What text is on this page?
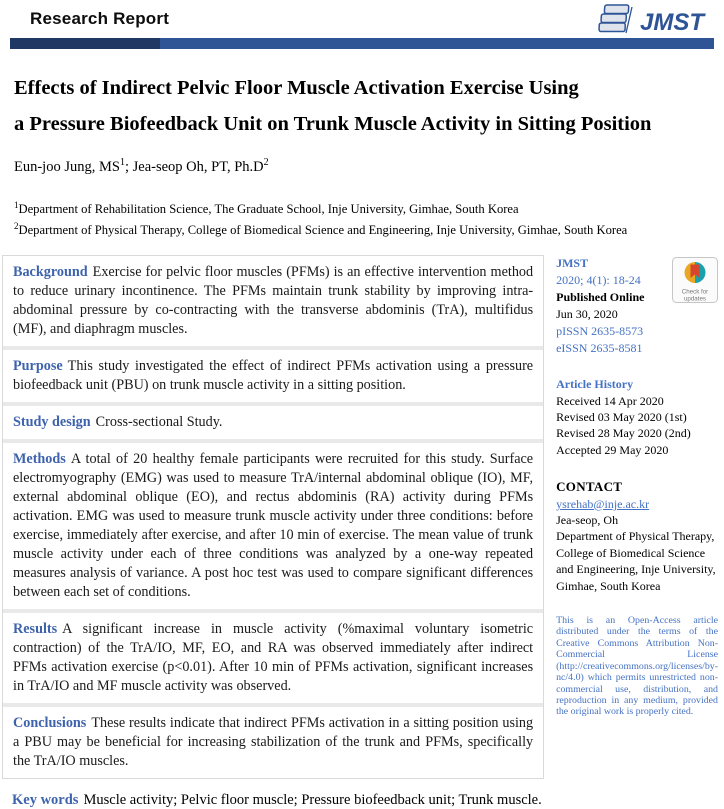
Research Report	JMST
Effects of Indirect Pelvic Floor Muscle Activation Exercise Using
a Pressure Biofeedback Unit on Trunk Muscle Activity in Sitting Position
Eun-joo Jung, $MS^1$; Jea-seop Oh, PT, $Ph.D^2$
$^1$Department of Rehabilitation Science, The Graduate School, Inje University, Gimhae, South Korea
$^2$Department of Physical Therapy, College of Biomedical Science and Engineering, Inje University, Gimhae, South Korea

Background Exercise for pelvic floor muscles (PFMs) is an effective intervention method to reduce urinary incontinence. The PFMs maintain trunk stability by improving intra-abdominal pressure by co-contracting with the transverse abdominis (TrA), multifidus (MF), and diaphragm muscles.

Purpose This study investigated the effect of indirect PFMs activation using a pressure biofeedback unit (PBU) on trunk muscle activity in a sitting position.

Study design Cross-sectional Study.

Methods A total of 20 healthy female participants were recruited for this study. Surface electromyography (EMG) was used to measure TrA/internal abdominal oblique (IO), MF, external abdominal oblique (EO), and rectus abdominis (RA) activity during PFMs activation. EMG was used to measure trunk muscle activity under three conditions: before exercise, immediately after exercise, and after 10 min of exercise. The mean value of trunk muscle activity under each of three conditions was analyzed by a one-way repeated measures analysis of variance. A post hoc test was used to compare significant differences between each set of conditions.

Results A significant increase in muscle activity (%maximal voluntary isometric contraction) of the TrA/IO, MF, EO, and RA was observed immediately after indirect PFMs activation exercise (p<0.01). After 10 min of PFMs activation, significant increases in TrA/IO and MF muscle activity was observed.

Conclusions These results indicate that indirect PFMs activation in a sitting position using a PBU may be beneficial for increasing stabilization of the trunk and PFMs, specifically the TrA/IO muscles.

JMST
2020; 4(1): 18-24
Published Online
Jun 30, 2020
pISSN 2635-8573
eISSN 2635-8581
Check for
updates
Article History
Received 14 Apr 2020
Revised 03 May 2020 (1st)
Revised 28 May 2020 (2nd)
Accepted 29 May 2020
CONTACT
ysrehab@inje.ac.kr
Jea-seop, Oh
Department of Physical Therapy, College of Biomedical Science and Engineering, Inje University, Gimhae, South Korea
This is an Open-Access article distributed under the terms of the Creative Commons Attribution Non-Commercial License (http://creativecommons.org/licenses/by-nc/4.0) which permits unrestricted non-commercial use, distribution, and reproduction in any medium, provided the original work is properly cited.
Key words Muscle activity; Pelvic floor muscle; Pressure biofeedback unit; Trunk muscle.
